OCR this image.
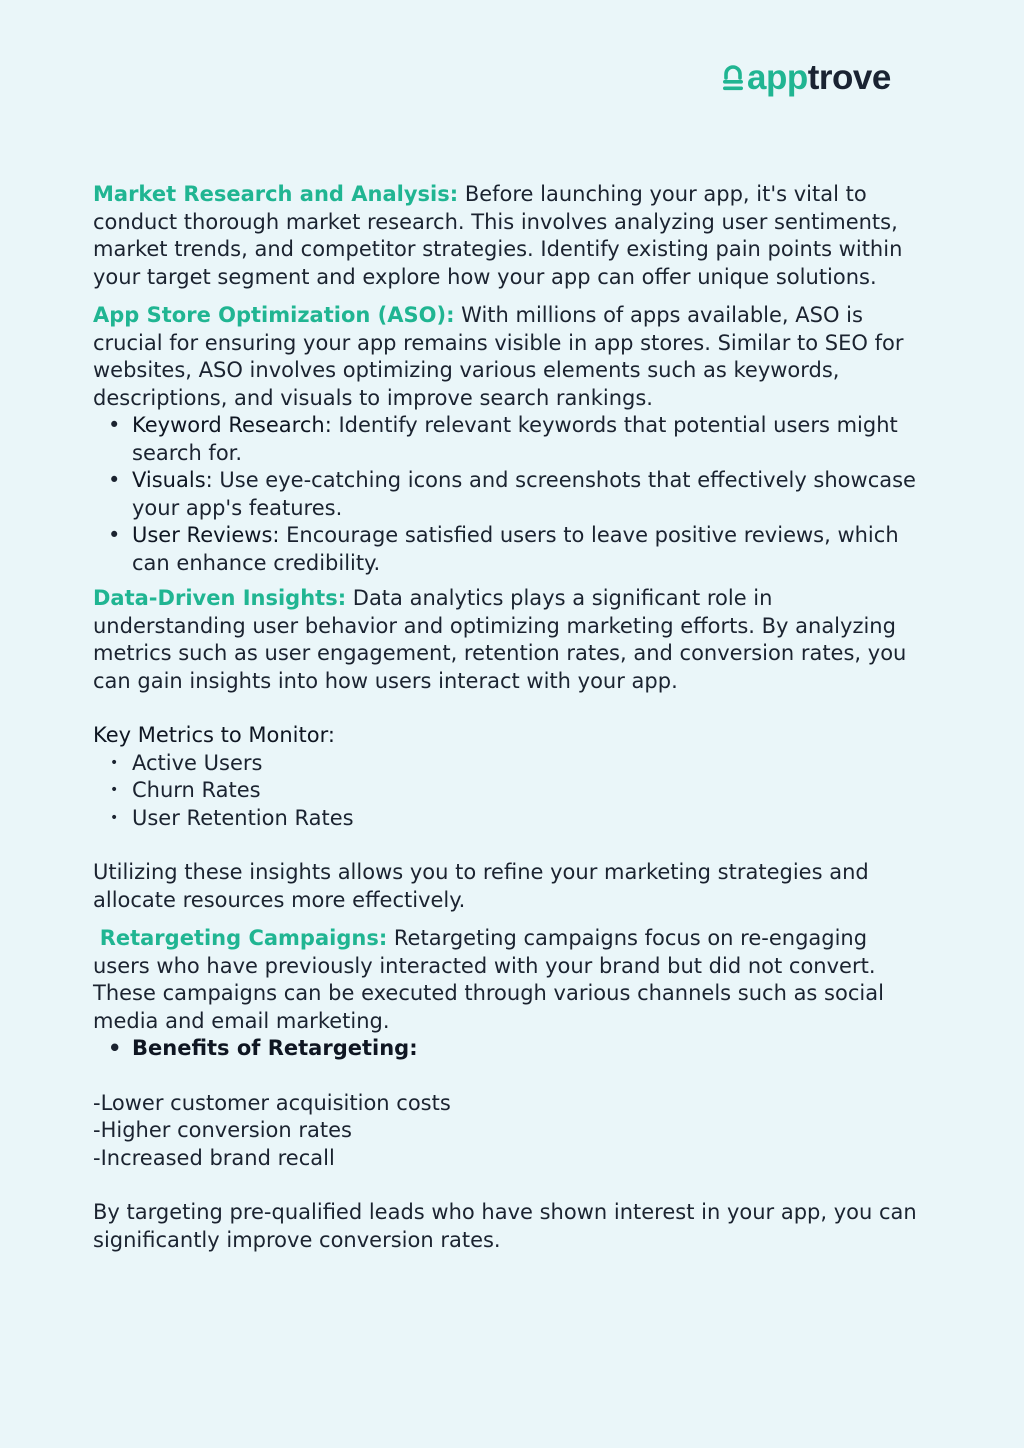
app trove

Market Research and Analysis: Before launching your app, it's vital to conduct thorough market research. This involves analyzing user sentiments, market trends, and competitor strategies. Identify existing pain points within your target segment and explore how your app can offer unique solutions.

App Store Optimization (ASO): With millions of apps available, ASO is crucial for ensuring your app remains visible in app stores. Similar to SEO for websites, ASO involves optimizing various elements such as keywords, descriptions, and visuals to improve search rankings.

• Keyword Research: Identify relevant keywords that potential users might search for.
• Visuals: Use eye-catching icons and screenshots that effectively showcase your app's features.
• User Reviews: Encourage satisfied users to leave positive reviews, which can enhance credibility.

Data-Driven Insights: Data analytics plays a significant role in understanding user behavior and optimizing marketing efforts. By analyzing metrics such as user engagement, retention rates, and conversion rates, you can gain insights into how users interact with your app.

Key Metrics to Monitor:

• Active Users
• Churn Rates
• User Retention Rates

Utilizing these insights allows you to refine your marketing strategies and allocate resources more effectively.

Retargeting Campaigns: Retargeting campaigns focus on re-engaging users who have previously interacted with your brand but did not convert. These campaigns can be executed through various channels such as social media and email marketing.

• Benefits of Retargeting:

-Lower customer acquisition costs

-Higher conversion rates

-Increased brand recall

By targeting pre-qualified leads who have shown interest in your app, you can significantly improve conversion rates.
